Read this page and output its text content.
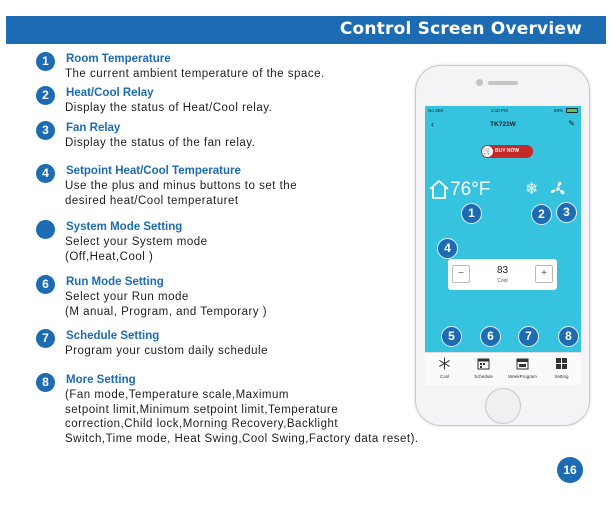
Control Screen Overview
1	Room Temperature
The current ambient temperature of the space.
2	Heat/Cool Relay
Display the status of Heat/Cool relay.
3	Fan Relay
Display the status of the fan relay.
4	Setpoint Heat/Cool Temperature
Use the plus and minus buttons to set the
desired heat/Cool temperaturet
System Mode Setting
Select your System mode
(Off,Heat,Cool )
6	Run Mode Setting
Select your Run mode
(M anual, Program, and Temporary )
7	Schedule Setting
Program your custom daily schedule
8	More Setting
(Fan mode,Temperature scale,Maximum
setpoint limit,Minimum setpoint limit,Temperature
correction,Child lock,Morning Recovery,Backlight
Switch,Time mode, Heat Swing,Cool Swing,Factory data reset).
No SIM	2:10 PM	88%
‹	TK721W	✎
🛒 BUY NOW
76°F ❄
1	2	3
4
−	83
Cool
+
5	6	7	8
Cool	Schedule	WeekProgram	Setting
16
